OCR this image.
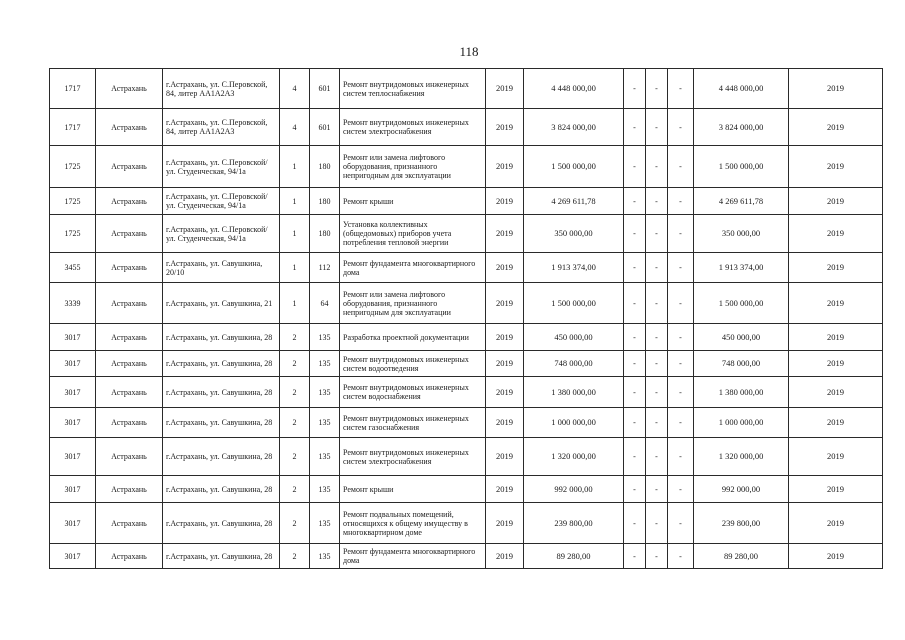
118
1717	Астрахань	г.Астрахань, ул. С.Перовской, 84, литер АА1А2А3	4	601	Ремонт внутридомовых инженерных систем теплоснабжения	2019	4 448 000,00	-	-	-	4 448 000,00	2019
1717	Астрахань	г.Астрахань, ул. С.Перовской, 84, литер АА1А2А3	4	601	Ремонт внутридомовых инженерных систем электроснабжения	2019	3 824 000,00	-	-	-	3 824 000,00	2019
1725	Астрахань	г.Астрахань, ул. С.Перовской/ ул. Студенческая, 94/1а	1	180	Ремонт или замена лифтового оборудования, признанного непригодным для эксплуатации	2019	1 500 000,00	-	-	-	1 500 000,00	2019
1725	Астрахань	г.Астрахань, ул. С.Перовской/ ул. Студенческая, 94/1а	1	180	Ремонт крыши	2019	4 269 611,78	-	-	-	4 269 611,78	2019
1725	Астрахань	г.Астрахань, ул. С.Перовской/ ул. Студенческая, 94/1а	1	180	Установка коллективных (общедомовых) приборов учета потребления тепловой энергии	2019	350 000,00	-	-	-	350 000,00	2019
3455	Астрахань	г.Астрахань, ул. Савушкина, 20/10	1	112	Ремонт фундамента многоквартирного дома	2019	1 913 374,00	-	-	-	1 913 374,00	2019
3339	Астрахань	г.Астрахань, ул. Савушкина, 21	1	64	Ремонт или замена лифтового оборудования, признанного непригодным для эксплуатации	2019	1 500 000,00	-	-	-	1 500 000,00	2019
3017	Астрахань	г.Астрахань, ул. Савушкина, 28	2	135	Разработка проектной документации	2019	450 000,00	-	-	-	450 000,00	2019
3017	Астрахань	г.Астрахань, ул. Савушкина, 28	2	135	Ремонт внутридомовых инженерных систем водоотведения	2019	748 000,00	-	-	-	748 000,00	2019
3017	Астрахань	г.Астрахань, ул. Савушкина, 28	2	135	Ремонт внутридомовых инженерных систем водоснабжения	2019	1 380 000,00	-	-	-	1 380 000,00	2019
3017	Астрахань	г.Астрахань, ул. Савушкина, 28	2	135	Ремонт внутридомовых инженерных систем газоснабжения	2019	1 000 000,00	-	-	-	1 000 000,00	2019
3017	Астрахань	г.Астрахань, ул. Савушкина, 28	2	135	Ремонт внутридомовых инженерных систем электроснабжения	2019	1 320 000,00	-	-	-	1 320 000,00	2019
3017	Астрахань	г.Астрахань, ул. Савушкина, 28	2	135	Ремонт крыши	2019	992 000,00	-	-	-	992 000,00	2019
3017	Астрахань	г.Астрахань, ул. Савушкина, 28	2	135	Ремонт подвальных помещений, относящихся к общему имуществу в многоквартирном доме	2019	239 800,00	-	-	-	239 800,00	2019
3017	Астрахань	г.Астрахань, ул. Савушкина, 28	2	135	Ремонт фундамента многоквартирного дома	2019	89 280,00	-	-	-	89 280,00	2019
